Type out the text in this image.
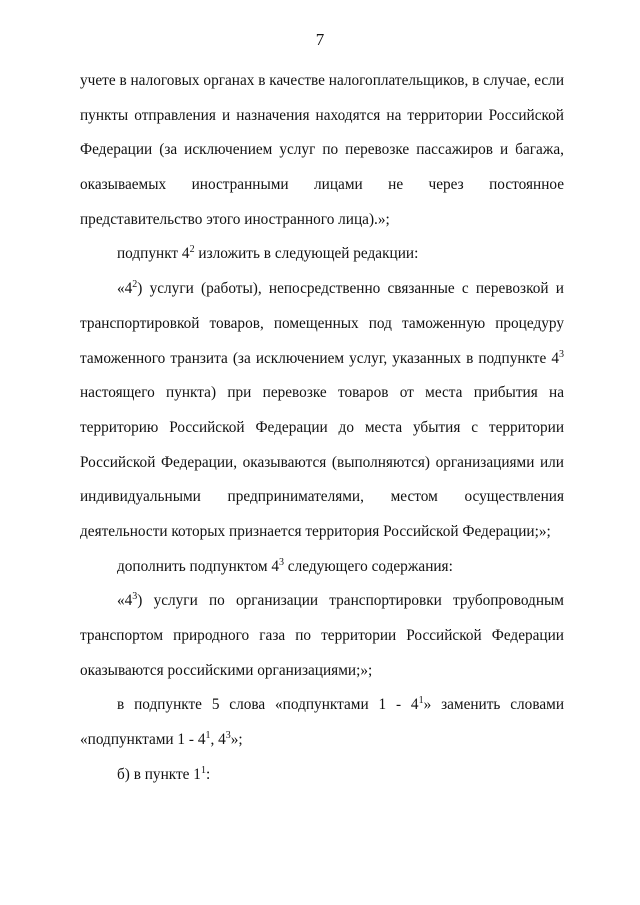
7
учете в налоговых органах в качестве налогоплательщиков, в случае, если
пункты отправления и назначения находятся на территории Российской
Федерации (за исключением услуг по перевозке пассажиров и багажа,
оказываемых иностранными лицами не через постоянное
представительство этого иностранного лица).»;
подпункт $4^2$ изложить в следующей редакции:
«$4^2$) услуги (работы), непосредственно связанные с перевозкой и
транспортировкой товаров, помещенных под таможенную процедуру
таможенного транзита (за исключением услуг, указанных в подпункте $4^3$
настоящего пункта) при перевозке товаров от места прибытия на
территорию Российской Федерации до места убытия с территории
Российской Федерации, оказываются (выполняются) организациями или
индивидуальными предпринимателями, местом осуществления
деятельности которых признается территория Российской Федерации;»;
дополнить подпунктом $4^3$ следующего содержания:
«$4^3$) услуги по организации транспортировки трубопроводным
транспортом природного газа по территории Российской Федерации
оказываются российскими организациями;»;
в подпункте 5 слова «подпунктами $1 - 4^1$» заменить словами
«подпунктами $1 - 4^1$, $4^3$»;
б) в пункте $1^1$:
